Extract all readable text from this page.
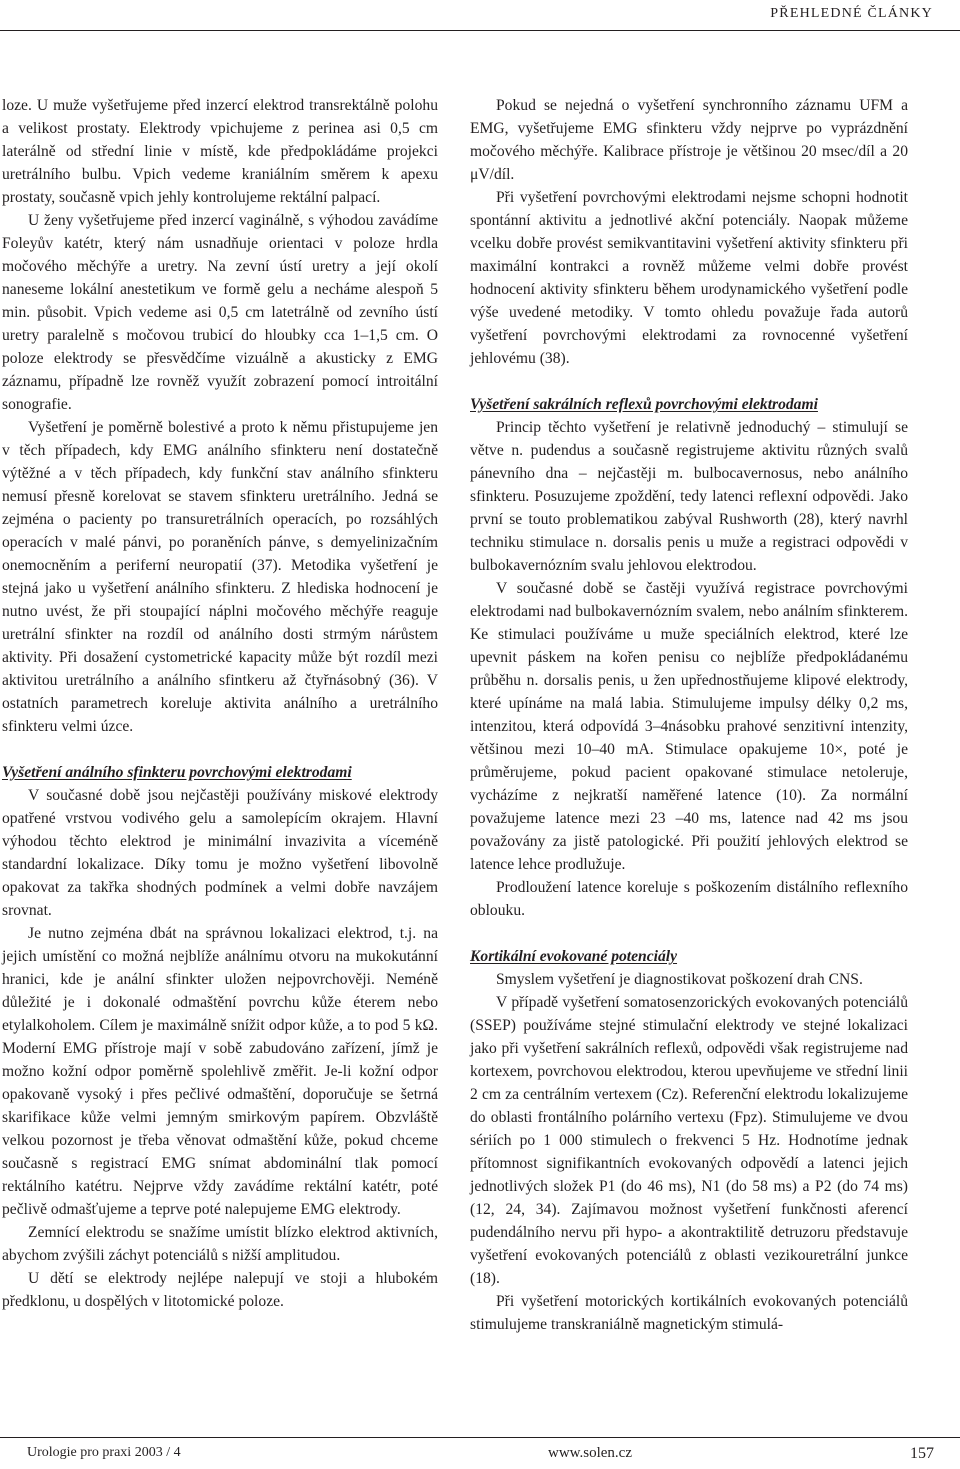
PŘEHLEDNÉ ČLÁNKY

loze. U muže vyšetřujeme před inzercí elektrod transrektálně polohu a velikost prostaty. Elektrody vpichujeme z perinea asi 0,5 cm laterálně od střední linie v místě, kde předpokládáme projekci uretrálního bulbu. Vpich vedeme kraniálním směrem k apexu prostaty, současně vpich jehly kontrolujeme rektální palpací.

U ženy vyšetřujeme před inzercí vaginálně, s výhodou zavádíme Foleyův katétr, který nám usnadňuje orientaci v poloze hrdla močového měchýře a uretry. Na zevní ústí uretry a její okolí naneseme lokální anestetikum ve formě gelu a necháme alespoň 5 min. působit. Vpich vedeme asi 0,5 cm latetrálně od zevního ústí uretry paralelně s močovou trubicí do hloubky cca 1–1,5 cm. O poloze elektrody se přesvědčíme vizuálně a akusticky z EMG záznamu, případně lze rovněž využít zobrazení pomocí introitální sonografie.

Vyšetření je poměrně bolestivé a proto k němu přistupujeme jen v těch případech, kdy EMG análního sfinkteru není dostatečně výtěžné a v těch případech, kdy funkční stav análního sfinkteru nemusí přesně korelovat se stavem sfinkteru uretrálního. Jedná se zejména o pacienty po transuretrálních operacích, po rozsáhlých operacích v malé pánvi, po poraněních pánve, s demyelinizačním onemocněním a periferní neuropatií (37). Metodika vyšetření je stejná jako u vyšetření análního sfinkteru. Z hlediska hodnocení je nutno uvést, že při stoupající náplni močového měchýře reaguje uretrální sfinkter na rozdíl od análního dosti strmým nárůstem aktivity. Při dosažení cystometrické kapacity může být rozdíl mezi aktivitou uretrálního a análního sfintkeru až čtyřnásobný (36). V ostatních parametrech koreluje aktivita análního a uretrálního sfinkteru velmi úzce.

Vyšetření análního sfinkteru povrchovými elektrodami

V současné době jsou nejčastěji používány miskové elektrody opatřené vrstvou vodivého gelu a samolepícím okrajem. Hlavní výhodou těchto elektrod je minimální invazivita a víceméně standardní lokalizace. Díky tomu je možno vyšetření libovolně opakovat za takřka shodných podmínek a velmi dobře navzájem srovnat.

Je nutno zejména dbát na správnou lokalizaci elektrod, t.j. na jejich umístění co možná nejblíže análnímu otvoru na mukokutánní hranici, kde je anální sfinkter uložen nejpovrchověji. Neméně důležité je i dokonalé odmaštění povrchu kůže éterem nebo etylalkoholem. Cílem je maximálně snížit odpor kůže, a to pod 5 kΩ. Moderní EMG přístroje mají v sobě zabudováno zařízení, jímž je možno kožní odpor poměrně spolehlivě změřit. Je-li kožní odpor opakovaně vysoký i přes pečlivé odmaštění, doporučuje se šetrná skarifikace kůže velmi jemným smirkovým papírem. Obzvláště velkou pozornost je třeba věnovat odmaštění kůže, pokud chceme současně s registrací EMG snímat abdominální tlak pomocí rektálního katétru. Nejprve vždy zavádíme rektální katétr, poté pečlivě odmašťujeme a teprve poté nalepujeme EMG elektrody.

Zemnící elektrodu se snažíme umístit blízko elektrod aktivních, abychom zvýšili záchyt potenciálů s nižší amplitudou.

U dětí se elektrody nejlépe nalepují ve stoji a hlubokém předklonu, u dospělých v litotomické poloze.

Pokud se nejedná o vyšetření synchronního záznamu UFM a EMG, vyšetřujeme EMG sfinkteru vždy nejprve po vyprázdnění močového měchýře. Kalibrace přístroje je většinou 20 msec/díl a 20 μV/díl.

Při vyšetření povrchovými elektrodami nejsme schopni hodnotit spontánní aktivitu a jednotlivé akční potenciály. Naopak můžeme vcelku dobře provést semikvantitavini vyšetření aktivity sfinkteru při maximální kontrakci a rovněž můžeme velmi dobře provést hodnocení aktivity sfinkteru během urodynamického vyšetření podle výše uvedené metodiky. V tomto ohledu považuje řada autorů vyšetření povrchovými elektrodami za rovnocenné vyšetření jehlovému (38).

Vyšetření sakrálních reflexů povrchovými elektrodami

Princip těchto vyšetření je relativně jednoduchý – stimulují se větve n. pudendus a současně registrujeme aktivitu různých svalů pánevního dna – nejčastěji m. bulbocavernosus, nebo análního sfinkteru. Posuzujeme zpoždění, tedy latenci reflexní odpovědi. Jako první se touto problematikou zabýval Rushworth (28), který navrhl techniku stimulace n. dorsalis penis u muže a registraci odpovědi v bulbokavernózním svalu jehlovou elektrodou.

V současné době se častěji využívá registrace povrchovými elektrodami nad bulbokavernózním svalem, nebo análním sfinkterem. Ke stimulaci používáme u muže speciálních elektrod, které lze upevnit páskem na kořen penisu co nejblíže předpokládanému průběhu n. dorsalis penis, u žen upřednostňujeme klipové elektrody, které upínáme na malá labia. Stimulujeme impulsy délky 0,2 ms, intenzitou, která odpovídá 3–4násobku prahové senzitivní intenzity, většinou mezi 10–40 mA. Stimulace opakujeme 10×, poté je průměrujeme, pokud pacient opakované stimulace netoleruje, vycházíme z nejkratší naměřené latence (10). Za normální považujeme latence mezi 23 –40 ms, latence nad 42 ms jsou považovány za jistě patologické. Při použití jehlových elektrod se latence lehce prodlužuje.

Prodloužení latence koreluje s poškozením distálního reflexního oblouku.

Kortikální evokované potenciály

Smyslem vyšetření je diagnostikovat poškození drah CNS.

V případě vyšetření somatosenzorických evokovaných potenciálů (SSEP) používáme stejné stimulační elektrody ve stejné lokalizaci jako při vyšetření sakrálních reflexů, odpovědi však registrujeme nad kortexem, povrchovou elektrodou, kterou upevňujeme ve střední linii 2 cm za centrálním vertexem (Cz). Referenční elektrodu lokalizujeme do oblasti frontálního polárního vertexu (Fpz). Stimulujeme ve dvou sériích po 1 000 stimulech o frekvenci 5 Hz. Hodnotíme jednak přítomnost signifikantních evokovaných odpovědí a latenci jejich jednotlivých složek P1 (do 46 ms), N1 (do 58 ms) a P2 (do 74 ms) (12, 24, 34). Zajímavou možnost vyšetření funkčnosti aferencí pudendálního nervu při hypo- a akontraktilitě detruzoru představuje vyšetření evokovaných potenciálů z oblasti vezikouretrální junkce (18).

Při vyšetření motorických kortikálních evokovaných potenciálů stimulujeme transkraniálně magnetickým stimulá-

Urologie pro praxi 2003 / 4	www.solen.cz	157
